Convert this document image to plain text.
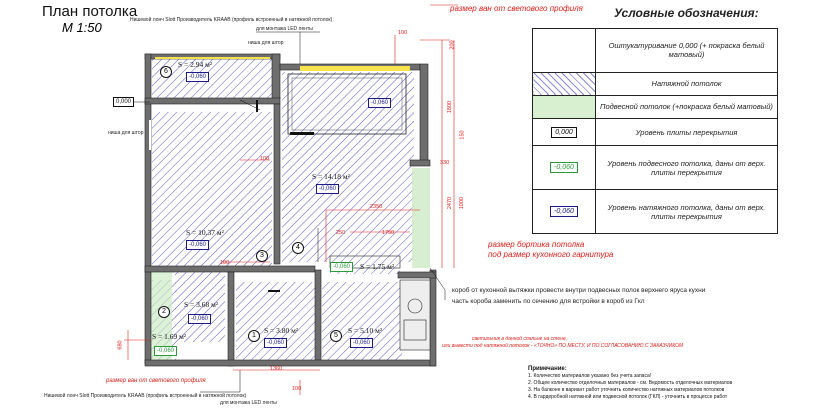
План потолка
М 1:50
размер ван от светового профиля
размер бортика потолка
под размер кухонного гарнитура
размер ван от светового профиля
светильник в данной спальне на стене,
или вывести под натяжной потолок - «ТОЧНО» ПО МЕСТУ, И ПО СОГЛАСОВАНИЮ С ЗАКАЗЧИКОМ
Нишевой лонч Slott Производитель KRAAB (профиль встроенный в натяжной потолок)
для монтажа LED ленты
ниша для штор
ниша для штор
короб от кухонной вытяжки провести внутри подвесных полок верхнего яруса кухни
часть короба заменить по сечению для встройки в короб из Гкл
Нишевой лонч Slott Производитель KRAAB (профиль встроенный в натяжной потолок)
для монтажа LED ленты
0,000
6
S = 2.94 м²
-0,060
S = 10.37 м²
-0,060	4
S = 14.18 м²
-0,060
3
S = 3.68 м²
-0,060
2
S = 1.69 м²
-0,060
1
S = 3.80 м²
-0,060
5
S = 5.10 м²
-0,060
S = 1.75 м²
-0,060
-0,060
100
200
1800
150
330
2470 1000
2350
250	1750
100
100
680
1360
100
Условные обозначения:
	Оштукатуривание 0,000 (+ покраска белый матовый)
	Натяжной потолок
	Подвесной потолок (+покраска белый матовый)
0,000	Уровень плиты перекрытия
-0,060	Уровень подвесного потолка, даны от верх. плиты перекрытия
-0,060	Уровень натяжного потолка, даны от верх. плиты перекрытия
Примечание:
1. Количество материалов указано без учета запаса!
2. Общее количество отделочных материалов - см. Ведомость отделочных материалов
3. На балконе в вариант работ уточнить количество натяжных материалов потолков
4. В гардеробной натяжной или подвесной потолок (ГКЛ) - уточнить в процессе работ
